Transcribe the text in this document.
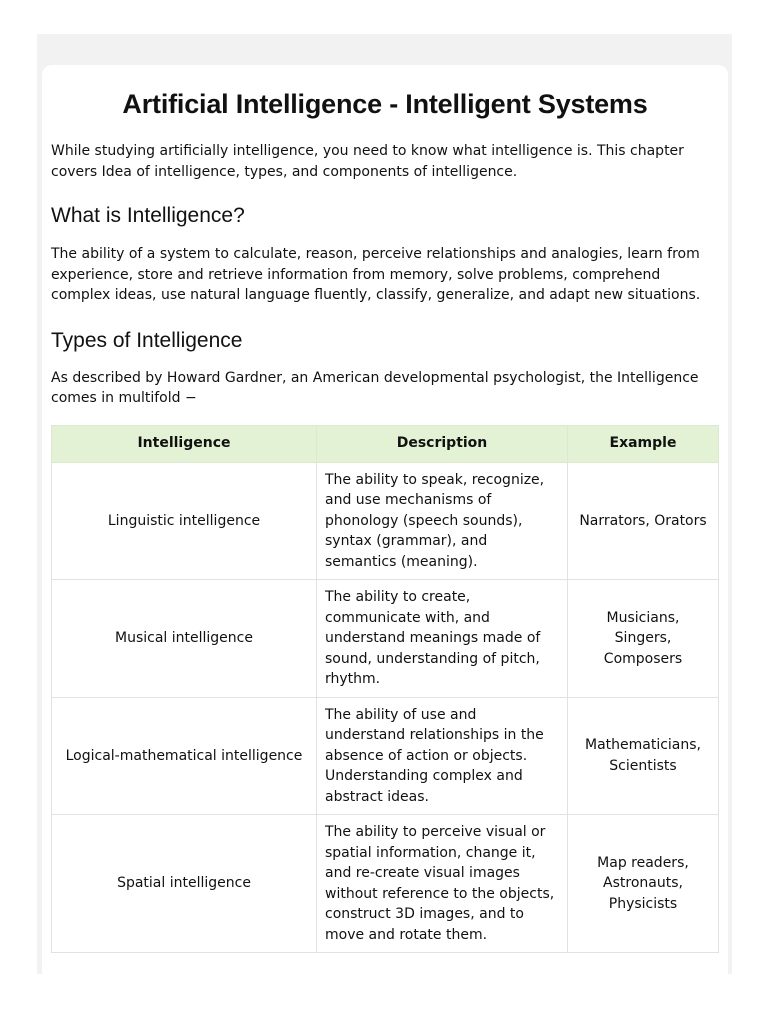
Artificial Intelligence - Intelligent Systems

While studying artificially intelligence, you need to know what intelligence is. This chapter covers Idea of intelligence, types, and components of intelligence.

What is Intelligence?

The ability of a system to calculate, reason, perceive relationships and analogies, learn from experience, store and retrieve information from memory, solve problems, comprehend complex ideas, use natural language fluently, classify, generalize, and adapt new situations.

Types of Intelligence

As described by Howard Gardner, an American developmental psychologist, the Intelligence comes in multifold −

Intelligence	Description	Example
Linguistic intelligence	The ability to speak, recognize, and use mechanisms of phonology (speech sounds), syntax (grammar), and semantics (meaning).	Narrators, Orators
Musical intelligence	The ability to create, communicate with, and understand meanings made of sound, understanding of pitch, rhythm.	Musicians, Singers, Composers
Logical-mathematical intelligence	The ability of use and understand relationships in the absence of action or objects. Understanding complex and abstract ideas.	Mathematicians, Scientists
Spatial intelligence	The ability to perceive visual or spatial information, change it, and re-create visual images without reference to the objects, construct 3D images, and to move and rotate them.	Map readers, Astronauts, Physicists
